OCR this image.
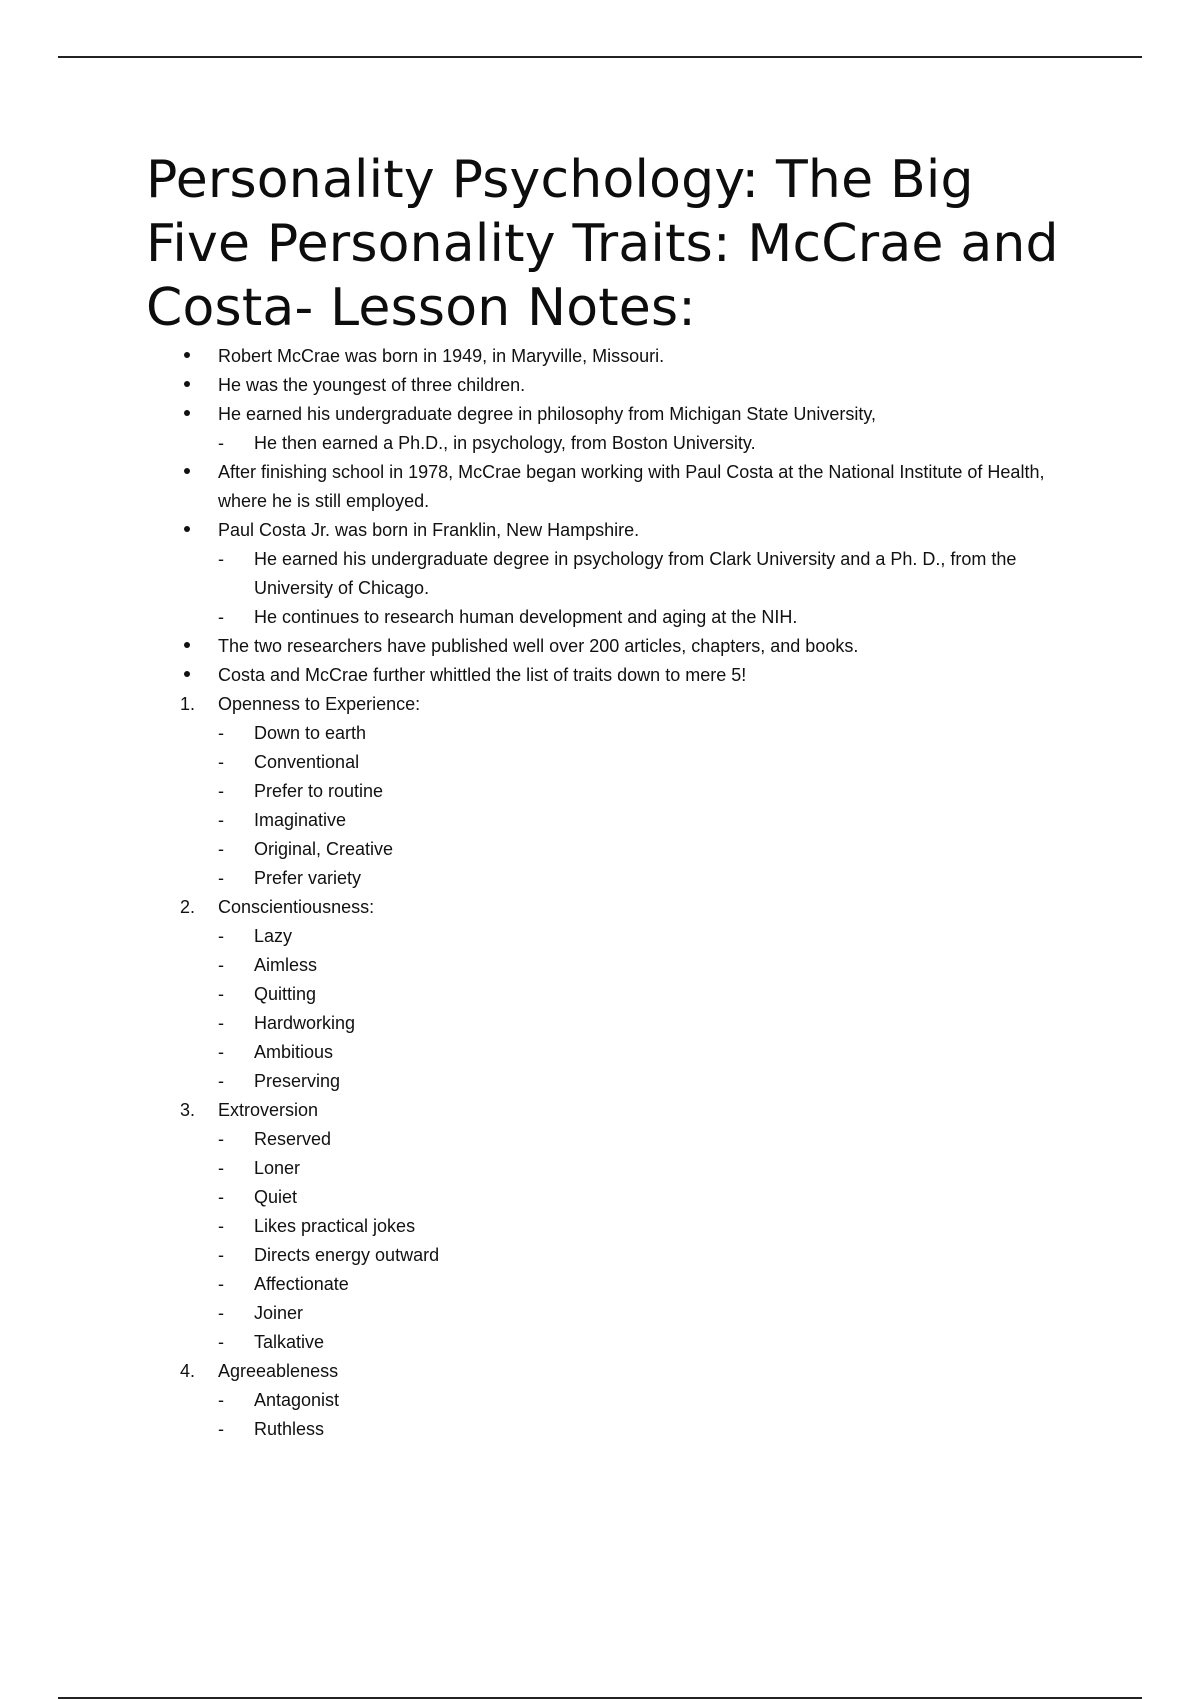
Personality Psychology: The Big Five Personality Traits: McCrae and Costa- Lesson Notes:
Robert McCrae was born in 1949, in Maryville, Missouri.
He was the youngest of three children.
He earned his undergraduate degree in philosophy from Michigan State University,
-	He then earned a Ph.D., in psychology, from Boston University.
After finishing school in 1978, McCrae began working with Paul Costa at the National Institute of Health, where he is still employed.
Paul Costa Jr. was born in Franklin, New Hampshire.
-	He earned his undergraduate degree in psychology from Clark University and a Ph. D., from the University of Chicago.
-	He continues to research human development and aging at the NIH.
The two researchers have published well over 200 articles, chapters, and books.
Costa and McCrae further whittled the list of traits down to mere 5!
1.	Openness to Experience:
-	Down to earth
-	Conventional
-	Prefer to routine
-	Imaginative
-	Original, Creative
-	Prefer variety
2.	Conscientiousness:
-	Lazy
-	Aimless
-	Quitting
-	Hardworking
-	Ambitious
-	Preserving
3.	Extroversion
-	Reserved
-	Loner
-	Quiet
-	Likes practical jokes
-	Directs energy outward
-	Affectionate
-	Joiner
-	Talkative
4.	Agreeableness
-	Antagonist
-	Ruthless
